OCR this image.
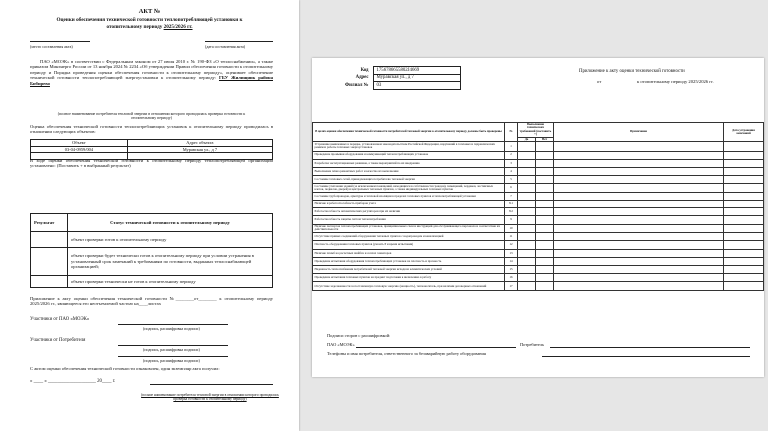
АКТ №
Оценки обеспечения технической готовности теплопотребляющей установки к
отопительному периоду 2025/2026 гг.
(место составления акта)	(дата составления акта)
ПАО «МОЭК» в соответствии с Федеральным законом от 27 июля 2010 г. № 190-ФЗ «О теплоснабжении», а также приказом Минэнерго России от 13 ноября 2024 № 2234 «Об утверждении Правил обеспечения готовности к отопительному периоду и Порядка проведения оценки обеспечения готовности к отопительному периоду», оценивает обеспечение технической готовности теплопотребляющей энергоустановки к отопительному периоду: ГБУ Жилищник района Бибирево
(полное наименование потребителя тепловой энергии в отношении которого проводилась проверка готовности к отопительному периоду)
Оценка обеспечения технической готовности теплопотребляющих установок к отопительному периоду проводилась в отношении следующих объектов:
Объект	Адрес объекта
03-04-0959/004	Муравская ул., д 7

В ходе оценки обеспечения технической готовности к отопительному периоду теплопотребляющей организации установлено: (Поставить + в выбранный результат)
Результат	Статус технической готовности к отопительному периоду
	объект проверки готов к отопительному периоду
	объект проверки будет технически готов к отопительному периоду при условии устранения в установленный срок замечаний к требованиям по готовности, выданных теплоснабжающей организацией;
	объект проверки технически не готов к отопительному периоду
Приложение к акту оценки обеспечения технической готовности №________от________ к отопительному периоду 2025/2026 гг., являющееся его неотъемлемой частью на____листах
Участники от ПАО «МОЭК»
(подпись, расшифровка подписи)
Участники от Потребителя
(подпись, расшифровка подписи)
(подпись, расшифровка подписи)
С актом оценки обеспечения технической готовности ознакомлен, один экземпляр акта получил:
« ____ » ____________________ 20____ г.
(полное наименование потребителя тепловой энергии в отношении которого проводилась проверка готовности к отопительному периоду)
Код	1756786655802J4669
Адрес	Муравская ул., д 7
Филиал №	03
Приложение к акту оценки технической готовности
от	к отопительному периоду 2025/2026 гг.
В целях оценки обеспечения технической готовности потребителей тепловой энергии к отопительному периоду должны быть проверены	№	Выполнение технических требований (поставить +)		Примечание	Дата устранения замечаний
		Да	Нет		
Устранение выявленных в порядке, установленном законодательством Российской Федерации, нарушений в тепловых и гидравлических режимах работы тепловых энергоустановок	1				
Проведение промывки оборудования и коммуникаций теплопотребляющих установок	2				
Разработка эксплуатационных режимов, а также мероприятий по их внедрению	3				
Выполнение плана ремонтных работ и качество их выполнения	4				
Состояние тепловых сетей, принадлежащих потребителю тепловой энергии	5				
Состояние утепления зданий (за исключением помещений, находящихся в собственности граждан), помещений, чердаков, лестничных клеток, подвалов, дверей) и центральных тепловых пунктов, а также индивидуальных тепловых пунктов	6				
Состояние трубопроводов, арматуры и тепловой изоляции в пределах тепловых пунктов и теплопотребляющей установки	7				
Наличие и работоспособность приборов учета	8.1				
Работоспособность автоматических регуляторов при их наличии	8.2				
Работоспособность защиты систем теплопотребления	9				
Наличие паспортов теплопотребляющих установок, принципиальных схем и инструкций для обслуживающего персонала и соответствие их действительности	10				
Отсутствие прямых соединений оборудования тепловых пунктов с водопроводом и канализацией	11				
Плотность оборудования тепловых пунктов (указать P и время испытания)	12				
Наличие пломб на расчетных шайбах и соплах элеваторов	13				
Проведение испытания оборудования теплопотребляющих установок на плотность и прочность	14				
Надежность теплоснабжения потребителей тепловой энергии исходя из климатических условий	15				
Проведение испытания тепловых пунктов на предмет подготовки к включению в работу	16				
Отсутствие задолженности за поставленную тепловую энергию (мощность), теплоноситель, при наличии договорных отношений	17				
Подписи сторон с расшифровкой:
ПАО «МОЭК»	Потребитель
Телефоны и имя потребителя, ответственного за безаварийную работу оборудования
